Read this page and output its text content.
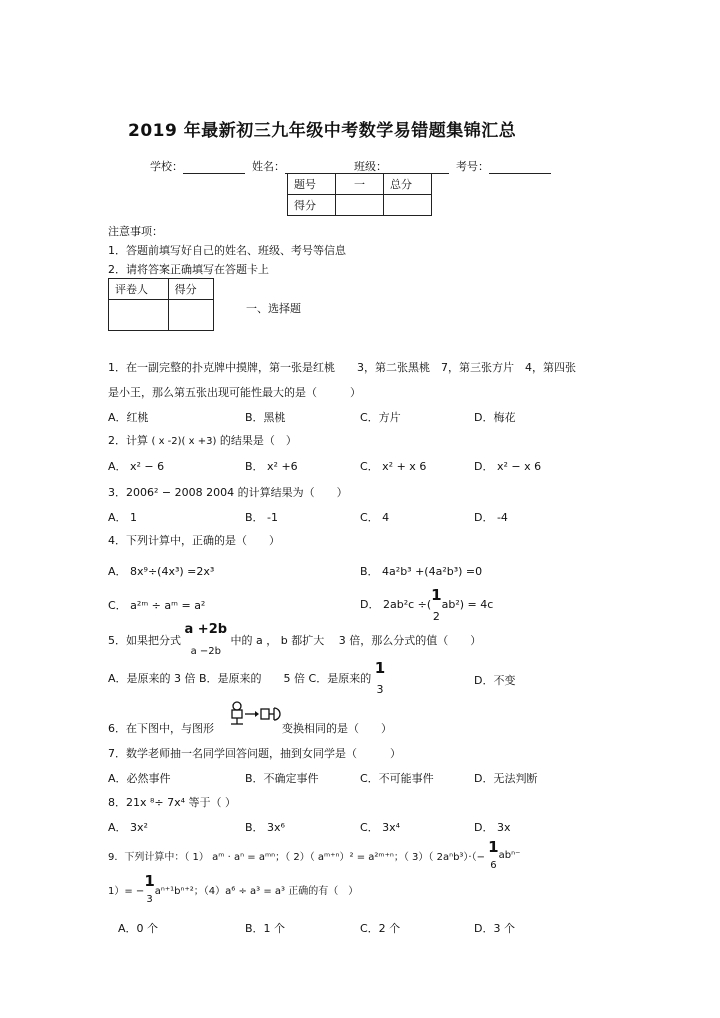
2019 年最新初三九年级中考数学易错题集锦汇总
学校：	姓名：	班级：	考号：
题号	一	总分
得分		
注意事项：
1．答题前填写好自己的姓名、班级、考号等信息
2．请将答案正确填写在答题卡上
评卷人	得分

一、选择题
1．在一副完整的扑克牌中摸牌，第一张是红桃　　3，第二张黑桃　7，第三张方片　4，第四张
是小王，那么第五张出现可能性最大的是（　　　）
A．红桃	B．黑桃	C．方片	D．梅花
2．计算 ( x -2)( x +3) 的结果是（　）
A． x² − 6	B． x² +6	C． x² + x 6	D． x² − x 6
3．2006² − 2008 2004 的计算结果为（　　）
A． 1	B． -1	C． 4	D． -4
4．下列计算中，正确的是（　　）
A． 8x⁹÷(4x³) =2x³	B． 4a²b³ +(4a²b³) =0
C． a²ᵐ ÷ aᵐ = a²	D． 2ab²c ÷(
1
2
ab²) = 4c
5．如果把分式 $\frac{a +2b}{a -2b}$ 中的 a ， b 都扩大　 3 倍，那么分式的值（　　）
A．是原来的 3 倍 B．是原来的　　5 倍 C．是原来的
1
3
D．不变
6．在下图中，与图形	变换相同的是（　　）
7．数学老师抽一名同学回答问题，抽到女同学是（　　　）
A．必然事件	B．不确定事件	C．不可能事件	D．无法判断
8．21x ⁸÷ 7x⁴ 等于（ ）
A． 3x²	B． 3x⁶	C． 3x⁴	D． 3x
9．下列计算中：（ 1） aᵐ · aⁿ = aᵐⁿ；（ 2）（ aᵐ⁺ⁿ）² = a²ᵐ⁺ⁿ；（ 3）（ 2aⁿb³）·（−
1
6
abⁿ⁻
1）= −
1
3
aⁿ⁺¹bⁿ⁺²；（4）a⁶ ÷ a³ = a³ 正确的有（　）
A．0 个	B．1 个	C．2 个	D．3 个
